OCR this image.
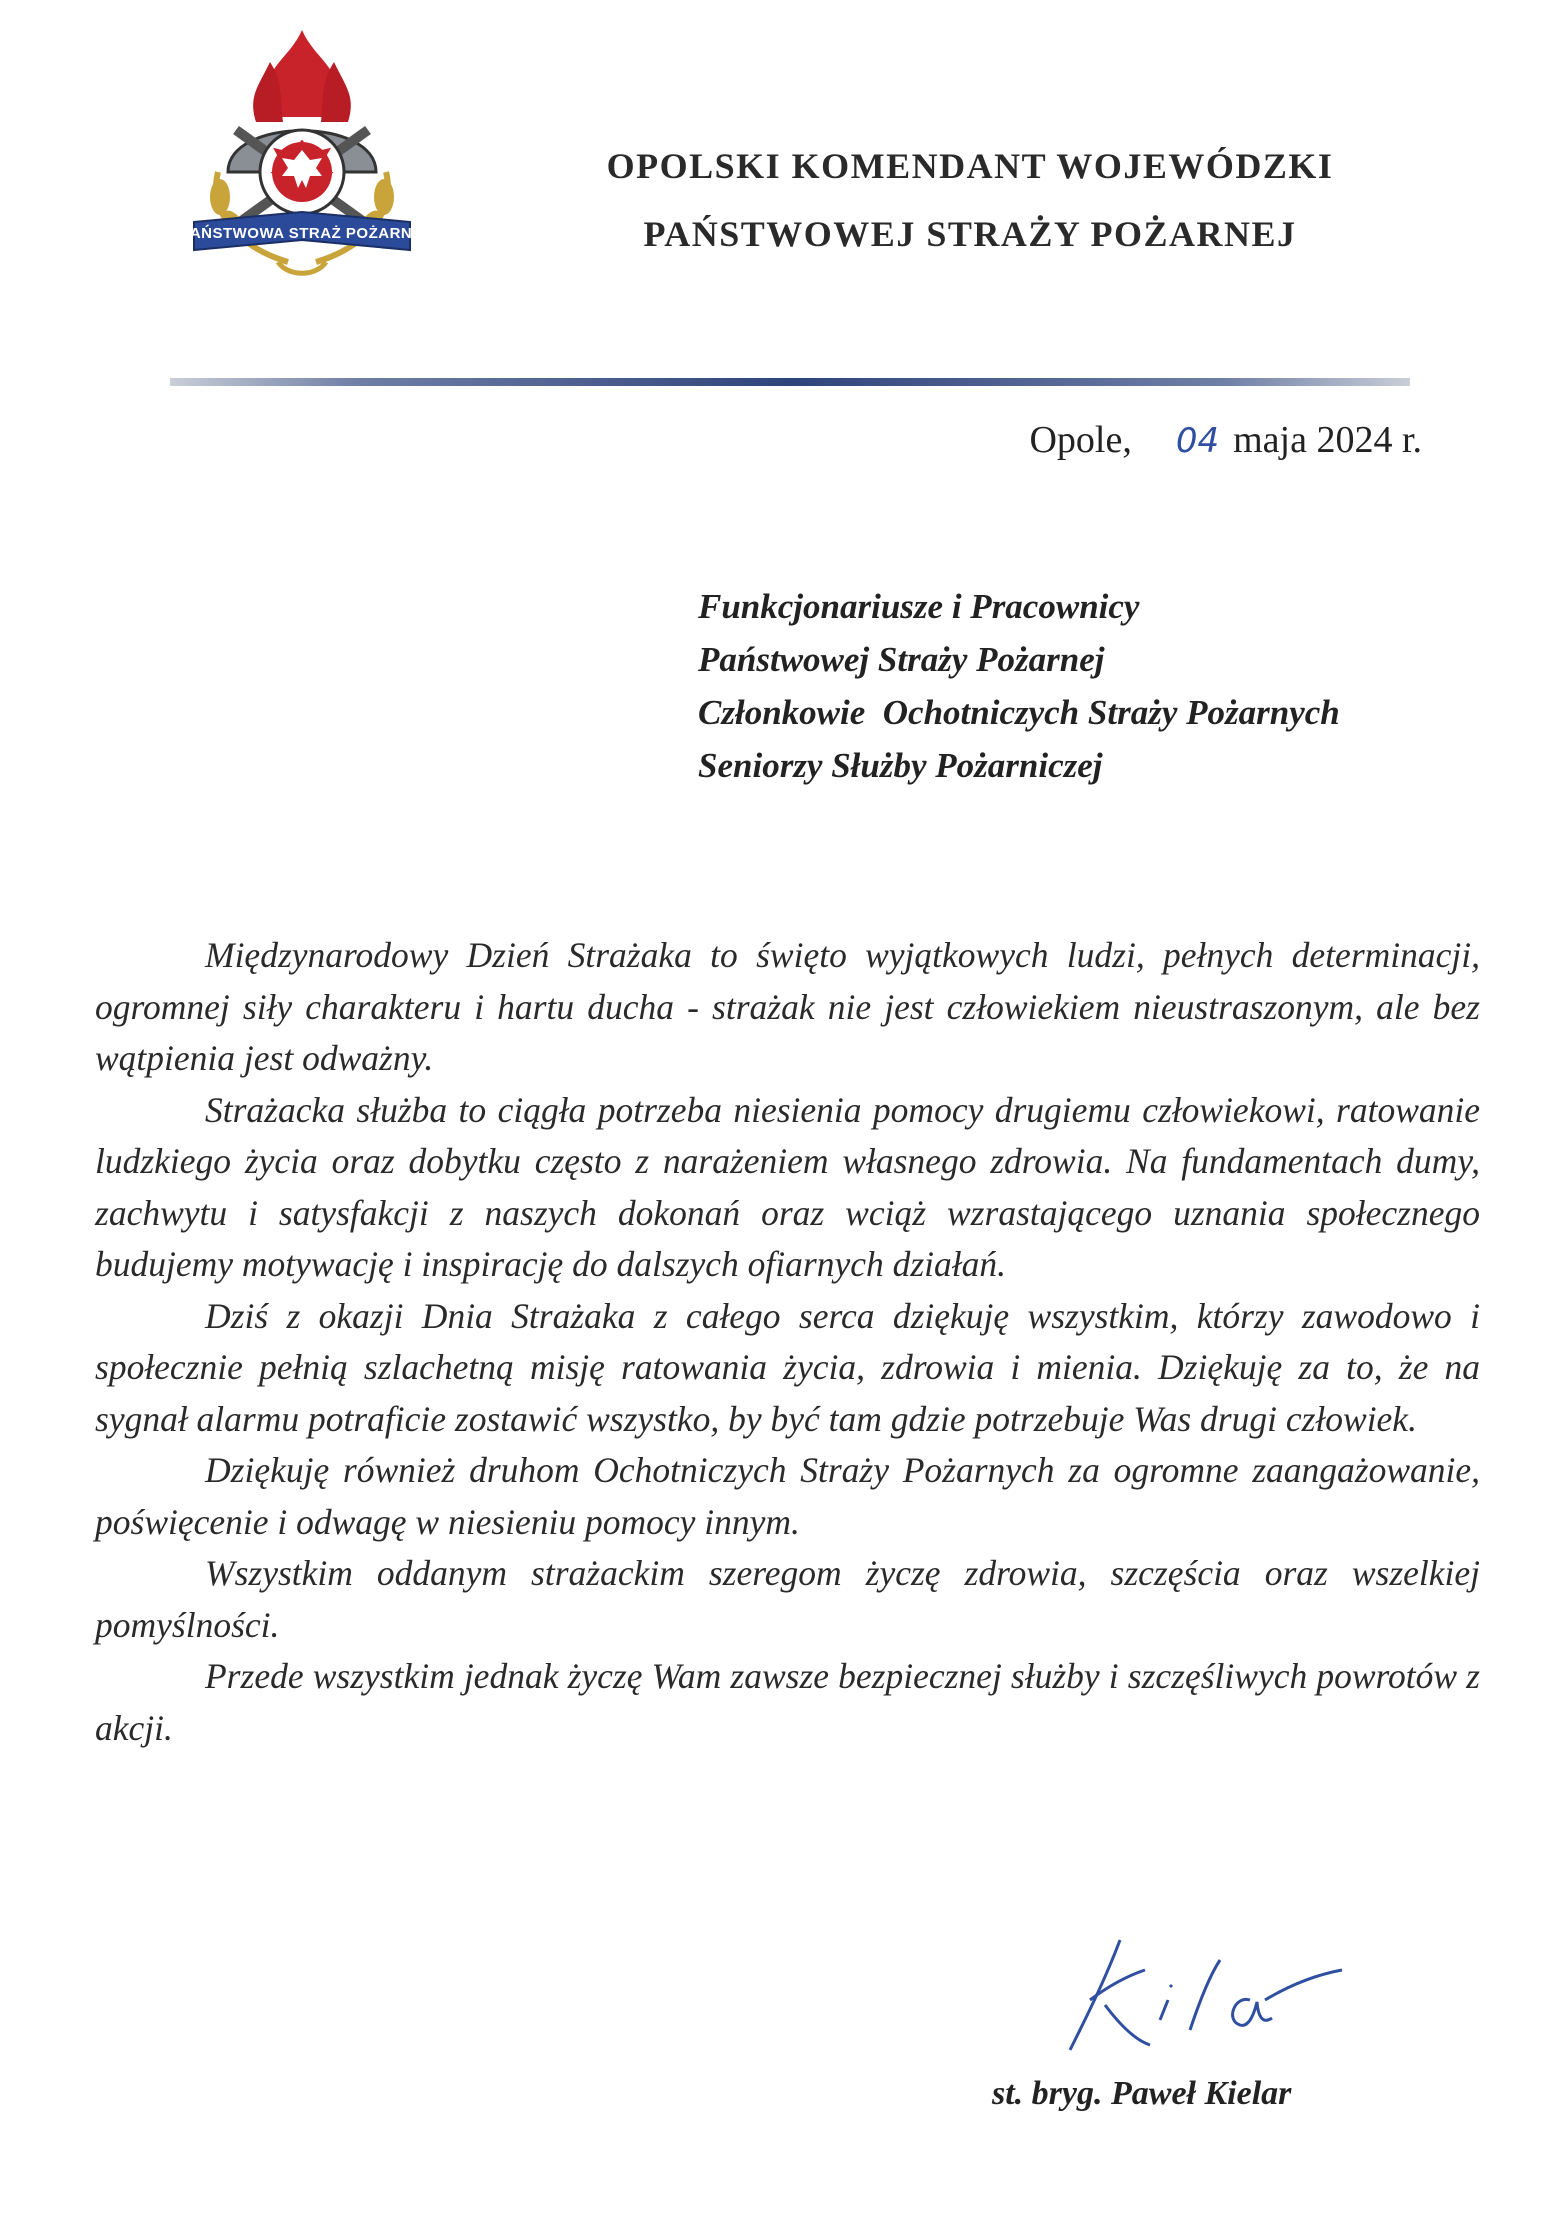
PAŃSTWOWA STRAŻ POŻARNA
OPOLSKI KOMENDANT WOJEWÓDZKI
PAŃSTWOWEJ STRAŻY POŻARNEJ
Opole, 04 maja 2024 r.
Funkcjonariusze i Pracownicy
Państwowej Straży Pożarnej
Członkowie  Ochotniczych Straży Pożarnych
Seniorzy Służby Pożarniczej

Międzynarodowy Dzień Strażaka to święto wyjątkowych ludzi, pełnych determinacji, ogromnej siły charakteru i hartu ducha - strażak nie jest człowiekiem nieustraszonym, ale bez wątpienia jest odważny.

Strażacka służba to ciągła potrzeba niesienia pomocy drugiemu człowiekowi, ratowanie ludzkiego życia oraz dobytku często z narażeniem własnego zdrowia. Na fundamentach dumy, zachwytu i satysfakcji z naszych dokonań oraz wciąż wzrastającego uznania społecznego budujemy motywację i inspirację do dalszych ofiarnych działań.

Dziś z okazji Dnia Strażaka z całego serca dziękuję wszystkim, którzy zawodowo i społecznie pełnią szlachetną misję ratowania życia, zdrowia i mienia. Dziękuję za to, że na sygnał alarmu potraficie zostawić wszystko, by być tam gdzie potrzebuje Was drugi człowiek.

Dziękuję również druhom Ochotniczych Straży Pożarnych za ogromne zaangażowanie, poświęcenie i odwagę w niesieniu pomocy innym.

Wszystkim oddanym strażackim szeregom życzę zdrowia, szczęścia oraz wszelkiej pomyślności.

Przede wszystkim jednak życzę Wam zawsze bezpiecznej służby i szczęśliwych powrotów z akcji.

st. bryg. Paweł Kielar
